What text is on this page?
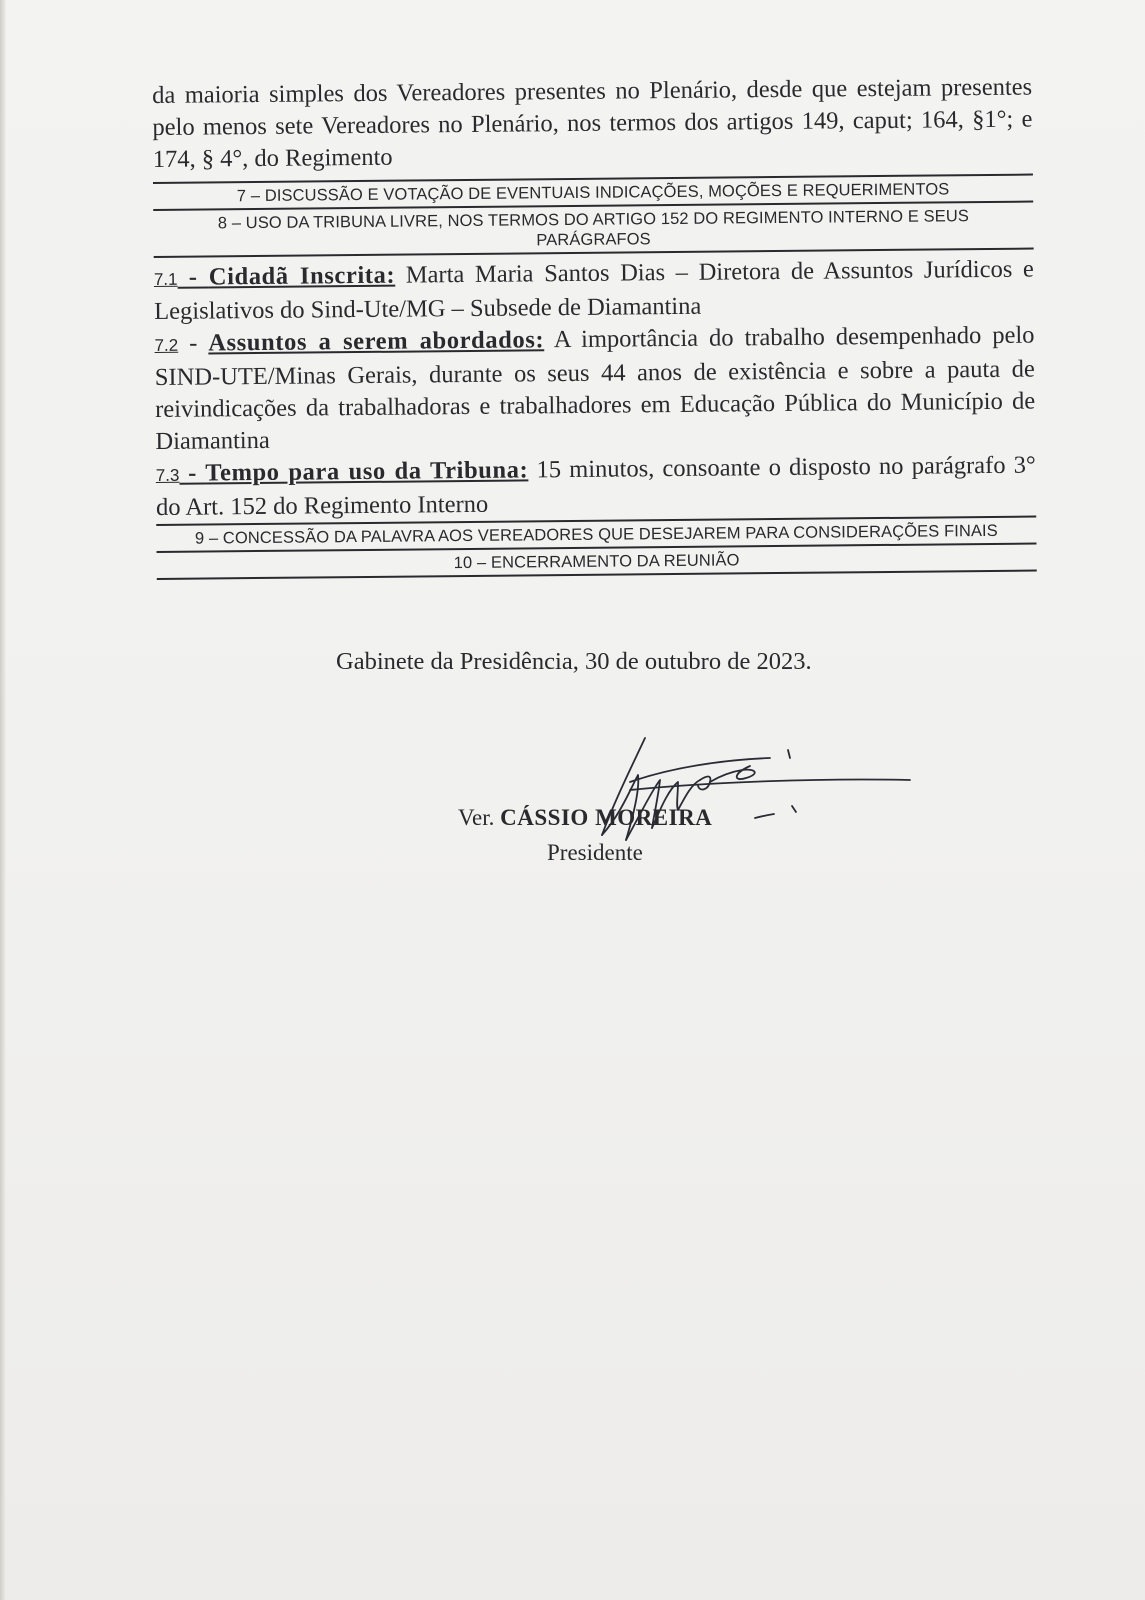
da maioria simples dos Vereadores presentes no Plenário, desde que estejam presentes pelo menos sete Vereadores no Plenário, nos termos dos artigos 149, caput; 164, §1°; e 174, § 4°, do Regimento

7 – DISCUSSÃO E VOTAÇÃO DE EVENTUAIS INDICAÇÕES, MOÇÕES E REQUERIMENTOS
8 – USO DA TRIBUNA LIVRE, NOS TERMOS DO ARTIGO 152 DO REGIMENTO INTERNO E SEUS
PARÁGRAFOS

7.1 - Cidadã Inscrita: Marta Maria Santos Dias – Diretora de Assuntos Jurídicos e Legislativos do Sind-Ute/MG – Subsede de Diamantina

7.2 - Assuntos a serem abordados: A importância do trabalho desempenhado pelo SIND-UTE/Minas Gerais, durante os seus 44 anos de existência e sobre a pauta de reivindicações da trabalhadoras e trabalhadores em Educação Pública do Município de Diamantina

7.3 - Tempo para uso da Tribuna: 15 minutos, consoante o disposto no parágrafo 3° do Art. 152 do Regimento Interno

9 – CONCESSÃO DA PALAVRA AOS VEREADORES QUE DESEJAREM PARA CONSIDERAÇÕES FINAIS
10 – ENCERRAMENTO DA REUNIÃO
Gabinete da Presidência, 30 de outubro de 2023.
Ver. CÁSSIO MOREIRA
Presidente
